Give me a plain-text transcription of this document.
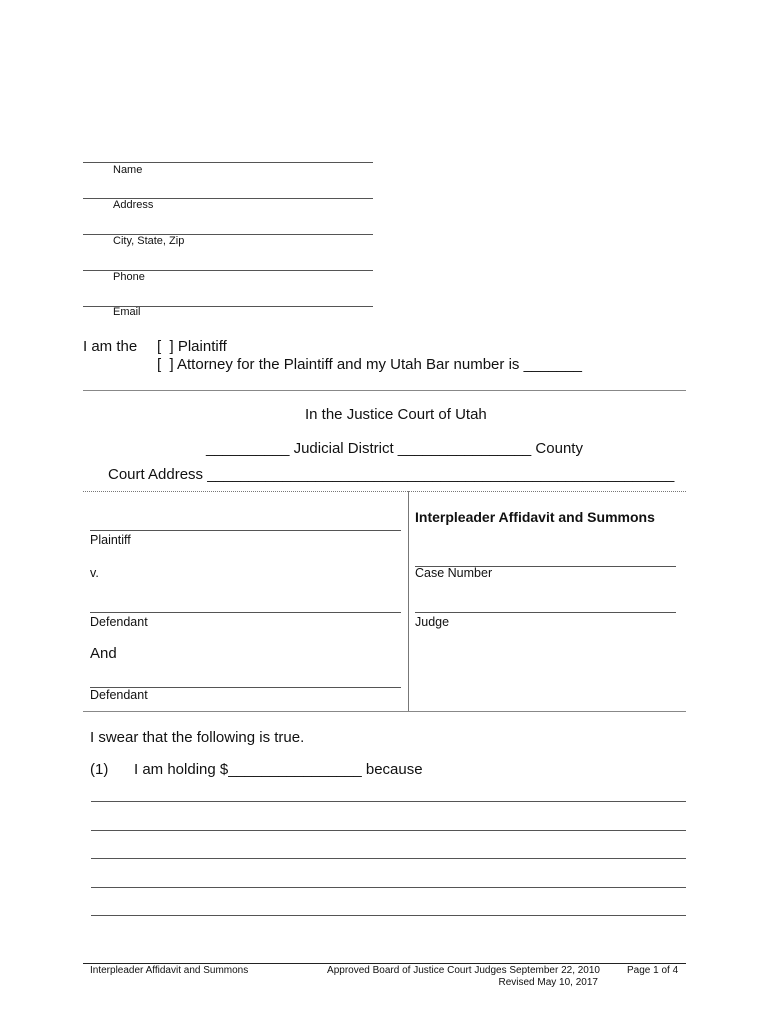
Name
Address
City, State, Zip
Phone
Email
I am the [  ] Plaintiff
[  ] Attorney for the Plaintiff and my Utah Bar number is _______
In the Justice Court of Utah
__________ Judicial District ________________ County
Court Address ________________________________________________________
Interpleader Affidavit and Summons
Plaintiff
v.	Case Number
Defendant	Judge
And
Defendant
I swear that the following is true.
(1) I am holding $________________ because
Interpleader Affidavit and Summons	Approved Board of Justice Court Judges September 22, 2010
Revised May 10, 2017
Page 1 of 4
